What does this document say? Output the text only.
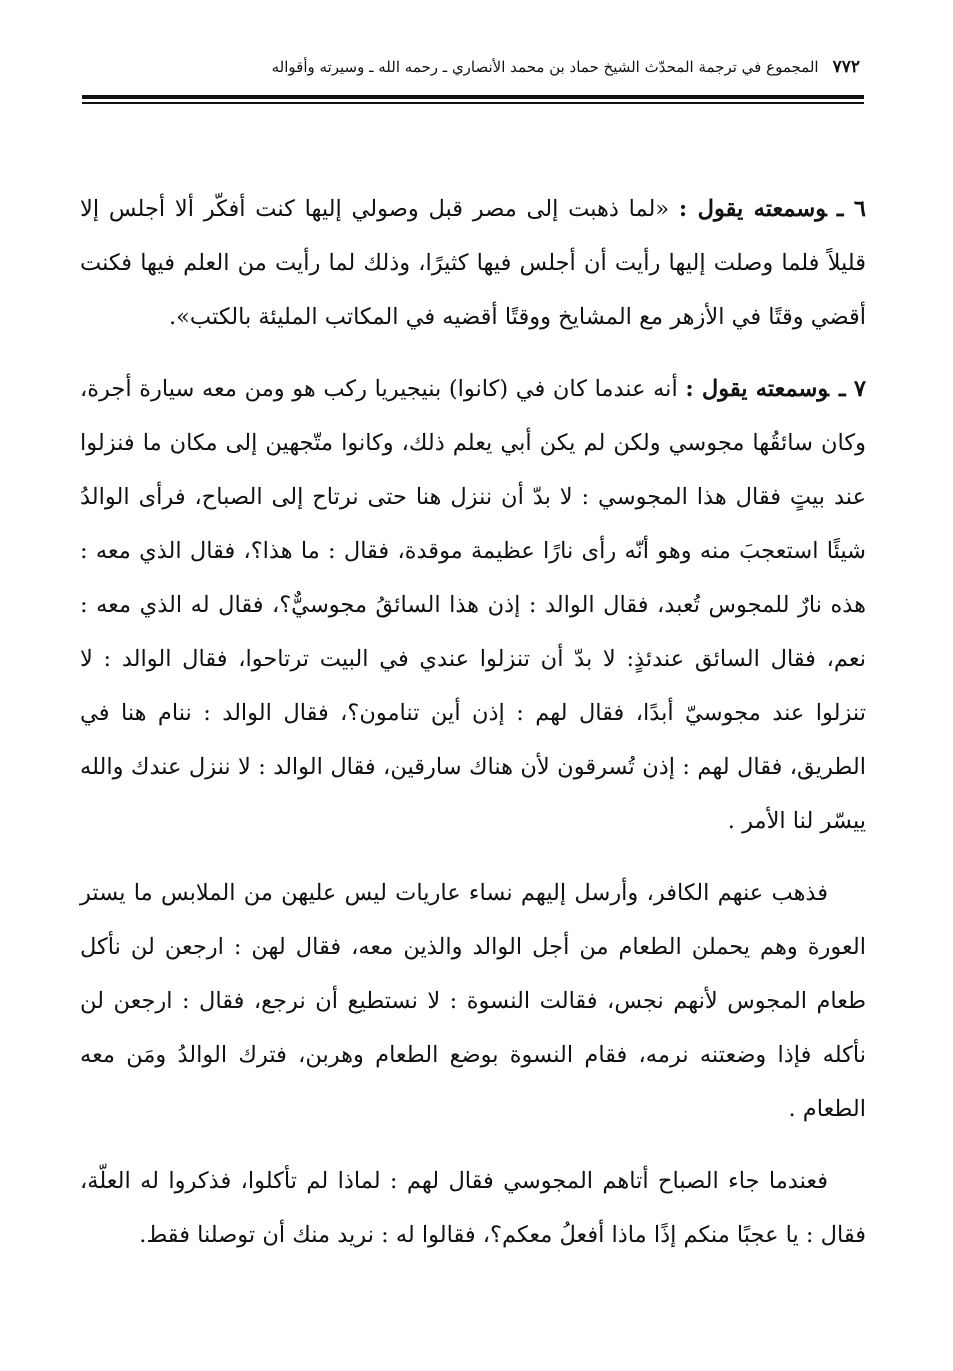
٧٧٢
المجموع في ترجمة المحدّث الشيخ حماد بن محمد الأنصاري ـ رحمه الله ـ وسيرته وأقواله

٦ ـوسمعته يقول : «لما ذهبت إلى مصر قبل وصولي إليها كنت أفكّر ألا أجلس إلا قليلاً فلما وصلت إليها رأيت أن أجلس فيها كثيرًا، وذلك لما رأيت من العلم فيها فكنت أقضي وقتًا في الأزهر مع المشايخ ووقتًا أقضيه في المكاتب المليئة بالكتب».

٧ ـوسمعته يقول : أنه عندما كان في (كانوا) بنيجيريا ركب هو ومن معه سيارة أجرة، وكان سائقُها مجوسي ولكن لم يكن أبي يعلم ذلك، وكانوا متّجهين إلى مكان ما فنزلوا عند بيتٍ فقال هذا المجوسي : لا بدّ أن ننزل هنا حتى نرتاح إلى الصباح، فرأى الوالدُ شيئًا استعجبَ منه وهو أنّه رأى نارًا عظيمة موقدة، فقال : ما هذا؟، فقال الذي معه : هذه نارٌ للمجوس تُعبد، فقال الوالد : إذن هذا السائقُ مجوسيٌّ؟، فقال له الذي معه : نعم، فقال السائق عندئذٍ: لا بدّ أن تنزلوا عندي في البيت ترتاحوا، فقال الوالد : لا تنزلوا عند مجوسيّ أبدًا، فقال لهم : إذن أين تنامون؟، فقال الوالد : ننام هنا في الطريق، فقال لهم : إذن تُسرقون لأن هناك سارقين، فقال الوالد : لا ننزل عندك والله ييسّر لنا الأمر .

فذهب عنهم الكافر، وأرسل إليهم نساء عاريات ليس عليهن من الملابس ما يستر العورة وهم يحملن الطعام من أجل الوالد والذين معه، فقال لهن : ارجعن لن نأكل طعام المجوس لأنهم نجس، فقالت النسوة : لا نستطيع أن نرجع، فقال : ارجعن لن نأكله فإذا وضعتنه نرمه، فقام النسوة بوضع الطعام وهربن، فترك الوالدُ ومَن معه الطعام .

فعندما جاء الصباح أتاهم المجوسي فقال لهم : لماذا لم تأكلوا، فذكروا له العلّة، فقال : يا عجبًا منكم إذًا ماذا أفعلُ معكم؟، فقالوا له : نريد منك أن توصلنا فقط.
